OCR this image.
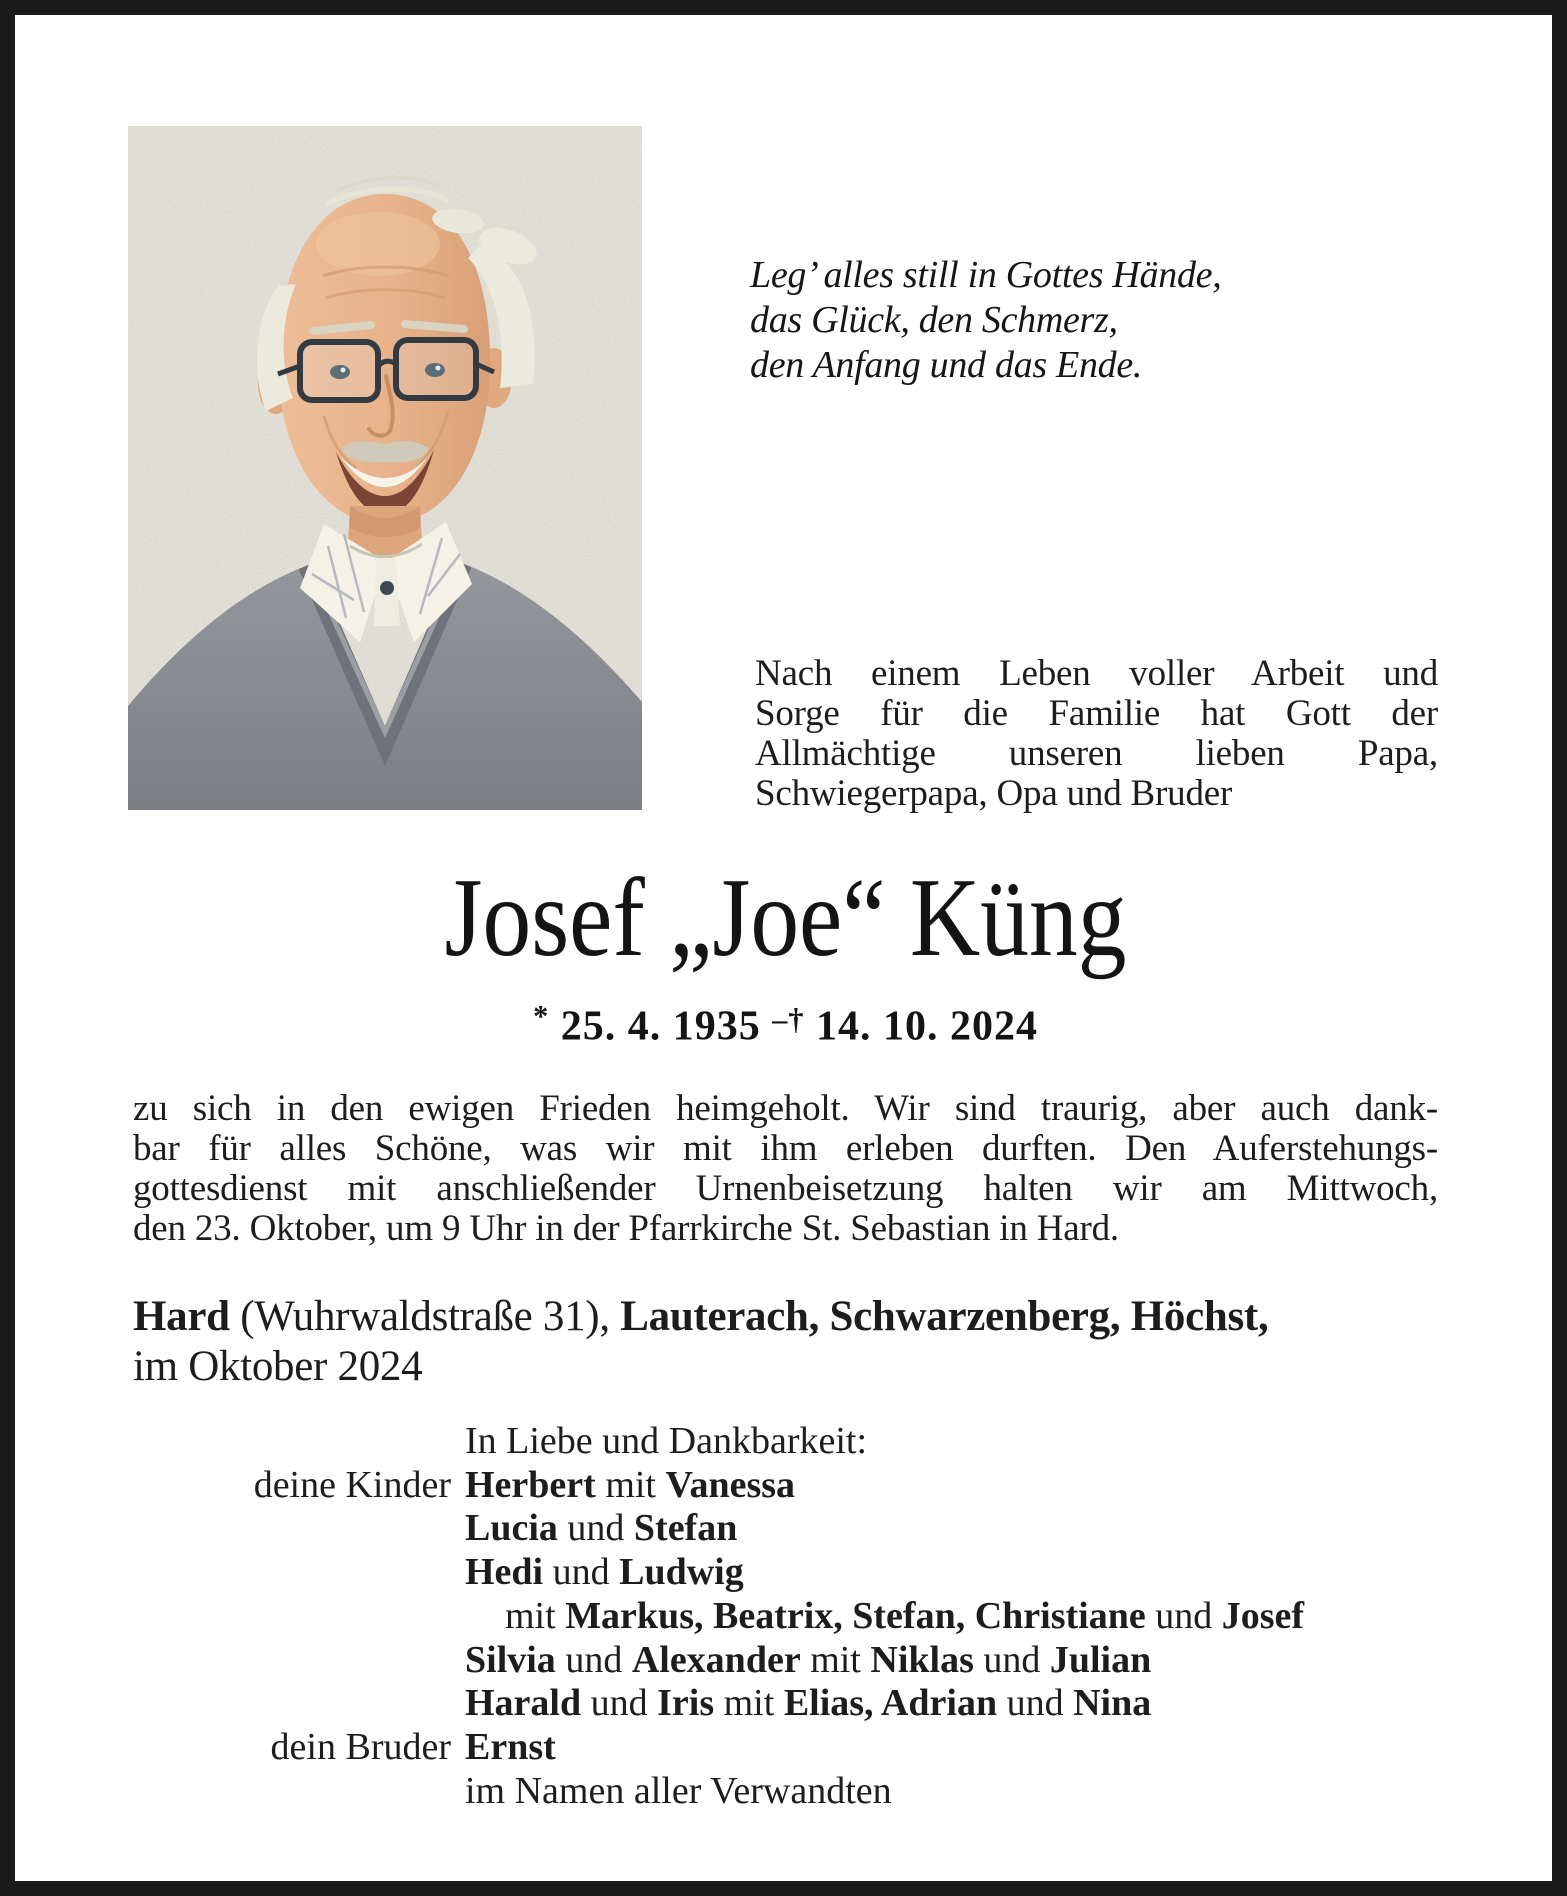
Leg’ alles still in Gottes Hände,
das Glück, den Schmerz,
den Anfang und das Ende.
Nach einem Leben voller Arbeit und
Sorge für die Familie hat Gott der
Allmächtige unseren lieben Papa,
Schwiegerpapa, Opa und Bruder
Josef „Joe“ Küng
* 25. 4. 1935 –† 14. 10. 2024
zu sich in den ewigen Frieden heimgeholt. Wir sind traurig, aber auch dank-
bar für alles Schöne, was wir mit ihm erleben durften. Den Auferstehungs-
gottesdienst mit anschließender Urnenbeisetzung halten wir am Mittwoch,
den 23. Oktober, um 9 Uhr in der Pfarrkirche St. Sebastian in Hard.
Hard (Wuhrwaldstraße 31), Lauterach, Schwarzenberg, Höchst,
im Oktober 2024
In Liebe und Dankbarkeit:
deine Kinder Herbert mit Vanessa
Lucia und Stefan
Hedi und Ludwig
mit Markus, Beatrix, Stefan, Christiane und Josef
Silvia und Alexander mit Niklas und Julian
Harald und Iris mit Elias, Adrian und Nina
dein Bruder Ernst
im Namen aller Verwandten
